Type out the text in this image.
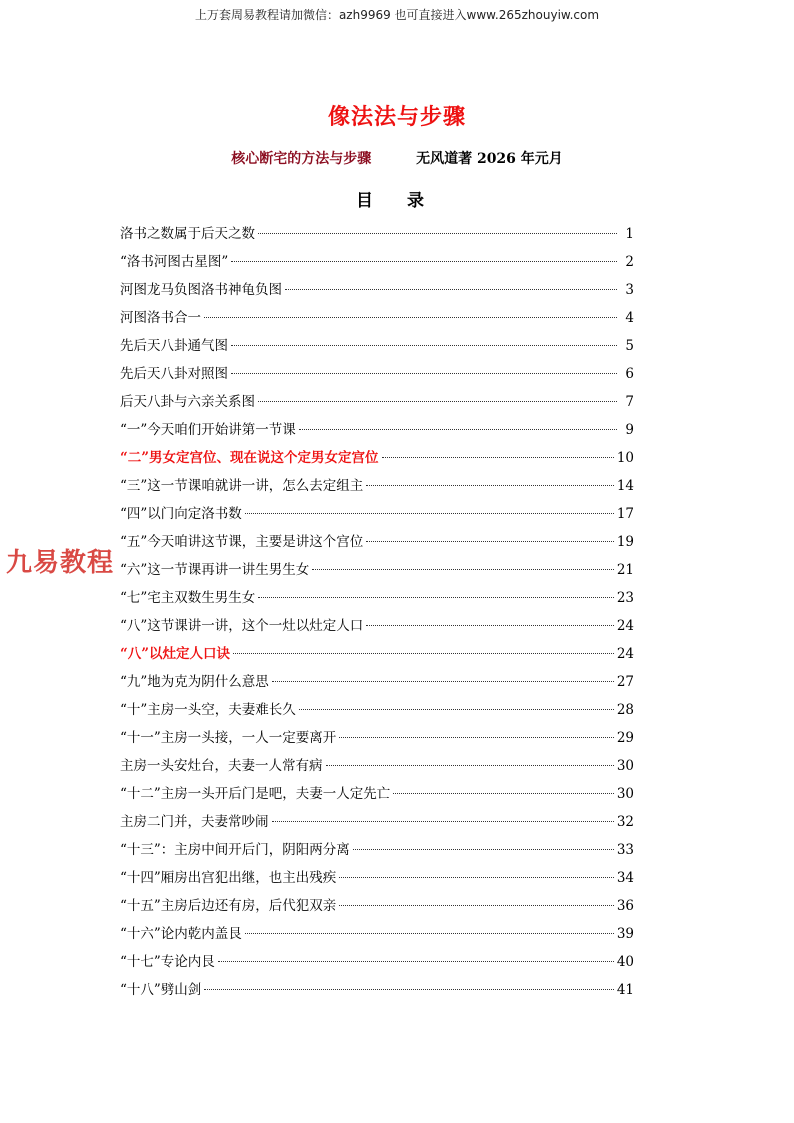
上万套周易教程请加微信：azh9969 也可直接进入www.265zhouyiw.com
像法法与步骤
核心断宅的方法与步骤	无风道著 2026 年元月
目 录
洛书之数属于后天之数	1
“洛书河图古星图”	2
河图龙马负图洛书神龟负图	3
河图洛书合一	4
先后天八卦通气图	5
先后天八卦对照图	6
后天八卦与六亲关系图	7
“一”今天咱们开始讲第一节课	9
“二”男女定宫位、现在说这个定男女定宫位	10
“三”这一节课咱就讲一讲，怎么去定组主	14
“四”以门向定洛书数	17
“五”今天咱讲这节课，主要是讲这个宫位	19
“六”这一节课再讲一讲生男生女	21
“七”宅主双数生男生女	23
“八”这节课讲一讲，这个一灶以灶定人口	24
“八”以灶定人口诀	24
“九”地为克为阴什么意思	27
“十”主房一头空，夫妻难长久	28
“十一”主房一头接，一人一定要离开	29
主房一头安灶台，夫妻一人常有病	30
“十二”主房一头开后门是吧，夫妻一人定先亡	30
主房二门并，夫妻常吵闹	32
“十三”：主房中间开后门，阴阳两分离	33
“十四”厢房出宫犯出继，也主出残疾	34
“十五”主房后边还有房，后代犯双亲	36
“十六”论内乾内盖艮	39
“十七”专论内艮	40
“十八”劈山剑	41
九易教程
